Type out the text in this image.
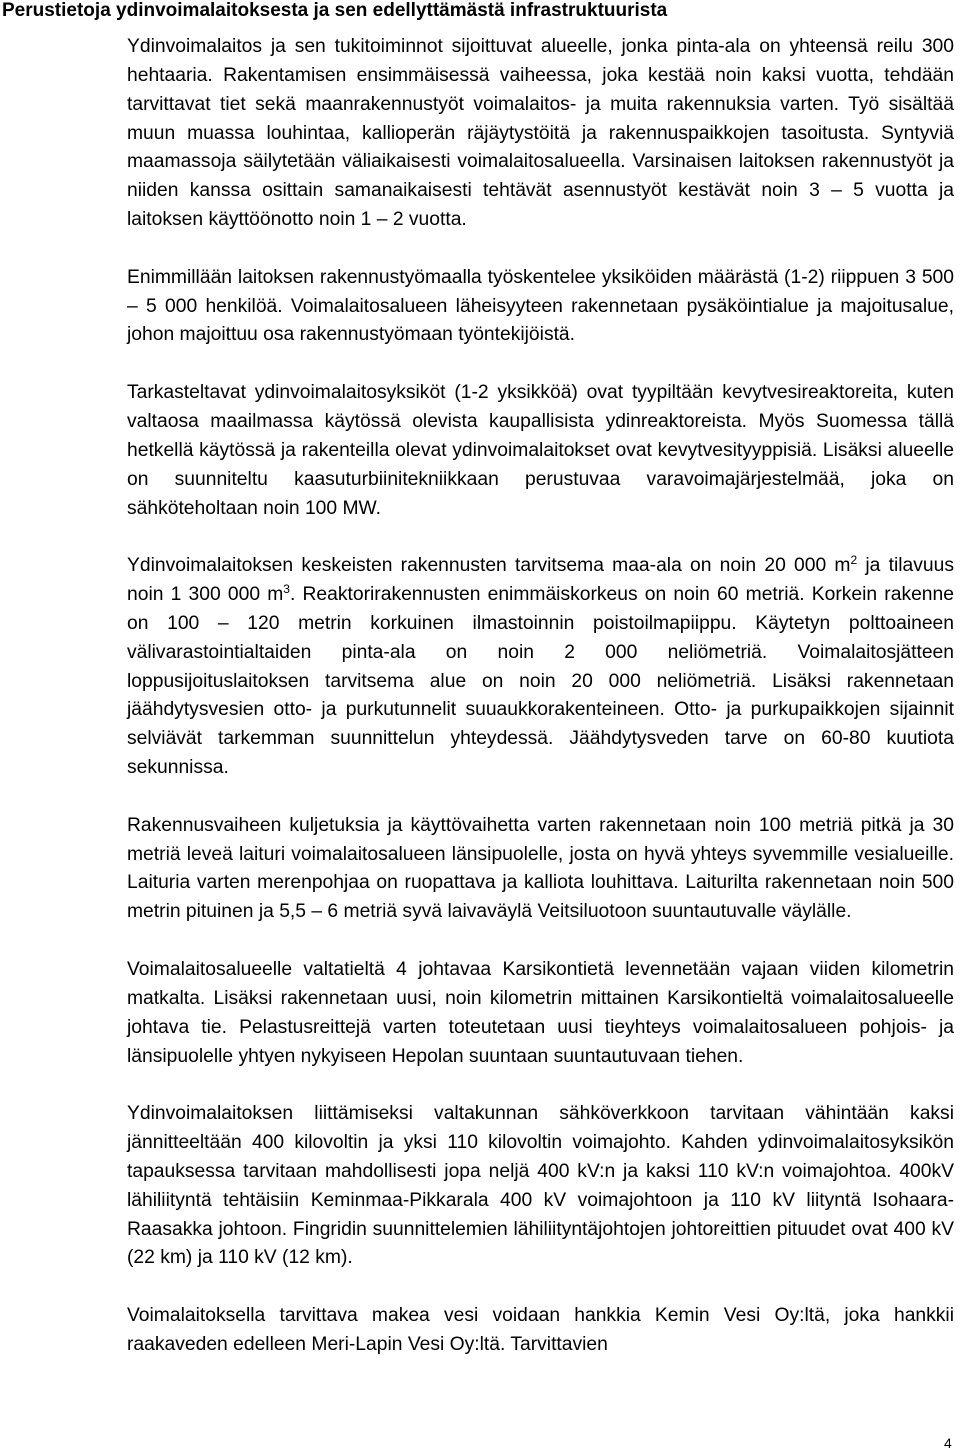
Perustietoja ydinvoimalaitoksesta ja sen edellyttämästä infrastruktuurista

Ydinvoimalaitos ja sen tukitoiminnot sijoittuvat alueelle, jonka pinta-ala on yhteensä reilu 300 hehtaaria. Rakentamisen ensimmäisessä vaiheessa, joka kestää noin kaksi vuotta, tehdään tarvittavat tiet sekä maanrakennustyöt voimalaitos- ja muita rakennuksia varten. Työ sisältää muun muassa louhintaa, kallioperän räjäytystöitä ja rakennuspaikkojen tasoitusta. Syntyviä maamassoja säilytetään väliaikaisesti voimalaitosalueella. Varsinaisen laitoksen rakennustyöt ja niiden kanssa osittain samanaikaisesti tehtävät asennustyöt kestävät noin 3 – 5 vuotta ja laitoksen käyttöönotto noin 1 – 2 vuotta.

Enimmillään laitoksen rakennustyömaalla työskentelee yksiköiden määrästä (1-2) riippuen 3 500 – 5 000 henkilöä. Voimalaitosalueen läheisyyteen rakennetaan pysäköintialue ja majoitusalue, johon majoittuu osa rakennustyömaan työntekijöistä.

Tarkasteltavat ydinvoimalaitosyksiköt (1-2 yksikköä) ovat tyypiltään kevytvesireaktoreita, kuten valtaosa maailmassa käytössä olevista kaupallisista ydinreaktoreista. Myös Suomessa tällä hetkellä käytössä ja rakenteilla olevat ydinvoimalaitokset ovat kevytvesityyppisiä. Lisäksi alueelle on suunniteltu kaasuturbiinitekniikkaan perustuvaa varavoimajärjestelmää, joka on sähköteholtaan noin 100 MW.

Ydinvoimalaitoksen keskeisten rakennusten tarvitsema maa-ala on noin 20 000 $m^2$ ja tilavuus noin 1 300 000 $m^3$. Reaktorirakennusten enimmäiskorkeus on noin 60 metriä. Korkein rakenne on 100 – 120 metrin korkuinen ilmastoinnin poistoilmapiippu. Käytetyn polttoaineen välivarastointialtaiden pinta-ala on noin 2 000 neliömetriä. Voimalaitosjätteen loppusijoituslaitoksen tarvitsema alue on noin 20 000 neliömetriä. Lisäksi rakennetaan jäähdytysvesien otto- ja purkutunnelit suuaukkorakenteineen. Otto- ja purkupaikkojen sijainnit selviävät tarkemman suunnittelun yhteydessä. Jäähdytysveden tarve on 60-80 kuutiota sekunnissa.

Rakennusvaiheen kuljetuksia ja käyttövaihetta varten rakennetaan noin 100 metriä pitkä ja 30 metriä leveä laituri voimalaitosalueen länsipuolelle, josta on hyvä yhteys syvemmille vesialueille. Laituria varten merenpohjaa on ruopattava ja kalliota louhittava. Laiturilta rakennetaan noin 500 metrin pituinen ja 5,5 – 6 metriä syvä laivaväylä Veitsiluotoon suuntautuvalle väylälle.

Voimalaitosalueelle valtatieltä 4 johtavaa Karsikontietä levennetään vajaan viiden kilometrin matkalta. Lisäksi rakennetaan uusi, noin kilometrin mittainen Karsikontieltä voimalaitosalueelle johtava tie. Pelastusreittejä varten toteutetaan uusi tieyhteys voimalaitosalueen pohjois- ja länsipuolelle yhtyen nykyiseen Hepolan suuntaan suuntautuvaan tiehen.

Ydinvoimalaitoksen liittämiseksi valtakunnan sähköverkkoon tarvitaan vähintään kaksi jännitteeltään 400 kilovoltin ja yksi 110 kilovoltin voimajohto. Kahden ydinvoimalaitosyksikön tapauksessa tarvitaan mahdollisesti jopa neljä 400 kV:n ja kaksi 110 kV:n voimajohtoa. 400kV lähiliityntä tehtäisiin Keminmaa-Pikkarala 400 kV voimajohtoon ja 110 kV liityntä Isohaara-Raasakka johtoon. Fingridin suunnittelemien lähiliityntäjohtojen johtoreittien pituudet ovat 400 kV (22 km) ja 110 kV (12 km).

Voimalaitoksella tarvittava makea vesi voidaan hankkia Kemin Vesi Oy:ltä, joka hankkii raakaveden edelleen Meri-Lapin Vesi Oy:ltä. Tarvittavien

4
